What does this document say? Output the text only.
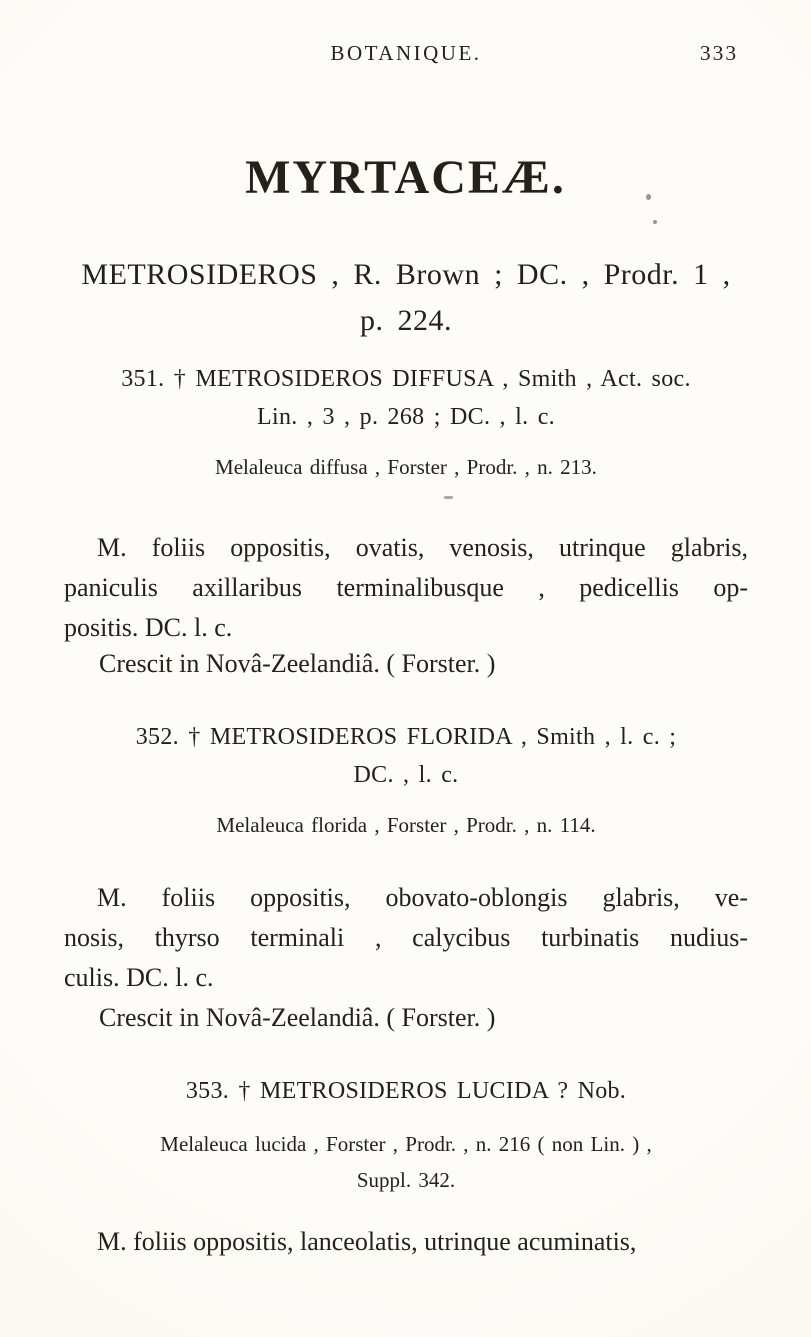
BOTANIQUE.	333
MYRTACEÆ.
METROSIDEROS , R. Brown ; DC. , Prodr. 1 ,
p. 224.
351. † METROSIDEROS DIFFUSA , Smith , Act. soc.
Lin. , 3 , p. 268 ; DC. , l. c.
Melaleuca diffusa , Forster , Prodr. , n. 213.
M. foliis oppositis, ovatis, venosis, utrinque glabris,
paniculis axillaribus terminalibusque , pedicellis op-
positis. DC. l. c.
Crescit in Novâ-Zeelandiâ. ( Forster. )
352. † METROSIDEROS FLORIDA , Smith , l. c. ;
DC. , l. c.
Melaleuca florida , Forster , Prodr. , n. 114.
M. foliis oppositis, obovato-oblongis glabris, ve-
nosis, thyrso terminali , calycibus turbinatis nudius-
culis. DC. l. c.
Crescit in Novâ-Zeelandiâ. ( Forster. )
353. † METROSIDEROS LUCIDA ? Nob.
Melaleuca lucida , Forster , Prodr. , n. 216 ( non Lin. ) ,
Suppl. 342.
M. foliis oppositis, lanceolatis, utrinque acuminatis,
